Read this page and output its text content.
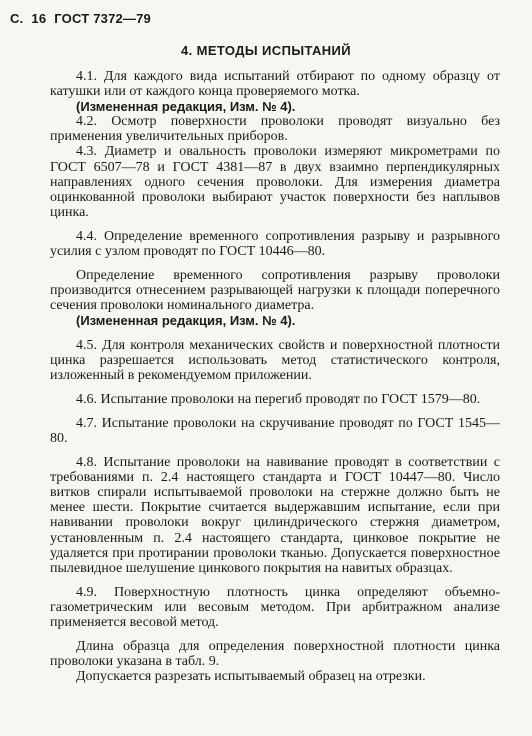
С. 16 ГОСТ 7372—79
4. МЕТОДЫ ИСПЫТАНИЙ

4.1. Для каждого вида испытаний отбирают по одному образцу от катушки или от каждого конца проверяемого мотка.

(Измененная редакция, Изм. № 4).

4.2. Осмотр поверхности проволоки проводят визуально без применения увеличительных приборов.

4.3. Диаметр и овальность проволоки измеряют микрометрами по ГОСТ 6507—78 и ГОСТ 4381—87 в двух взаимно перпендикулярных направлениях одного сечения проволоки. Для измерения диаметра оцинкованной проволоки выбирают участок поверхности без наплывов цинка.

4.4. Определение временного сопротивления разрыву и разрывного усилия с узлом проводят по ГОСТ 10446—80.

Определение временного сопротивления разрыву проволоки производится отнесением разрывающей нагрузки к площади поперечного сечения проволоки номинального диаметра.

(Измененная редакция, Изм. № 4).

4.5. Для контроля механических свойств и поверхностной плотности цинка разрешается использовать метод статистического контроля, изложенный в рекомендуемом приложении.

4.6. Испытание проволоки на перегиб проводят по ГОСТ 1579—80.

4.7. Испытание проволоки на скручивание проводят по ГОСТ 1545—80.

4.8. Испытание проволоки на навивание проводят в соответствии с требованиями п. 2.4 настоящего стандарта и ГОСТ 10447—80. Число витков спирали испытываемой проволоки на стержне должно быть не менее шести. Покрытие считается выдержавшим испытание, если при навивании проволоки вокруг цилиндрического стержня диаметром, установленным п. 2.4 настоящего стандарта, цинковое покрытие не удаляется при протирании проволоки тканью. Допускается поверхностное пылевидное шелушение цинкового покрытия на навитых образцах.

4.9. Поверхностную плотность цинка определяют объемно-газометрическим или весовым методом. При арбитражном анализе применяется весовой метод.

Длина образца для определения поверхностной плотности цинка проволоки указана в табл. 9.

Допускается разрезать испытываемый образец на отрезки.
